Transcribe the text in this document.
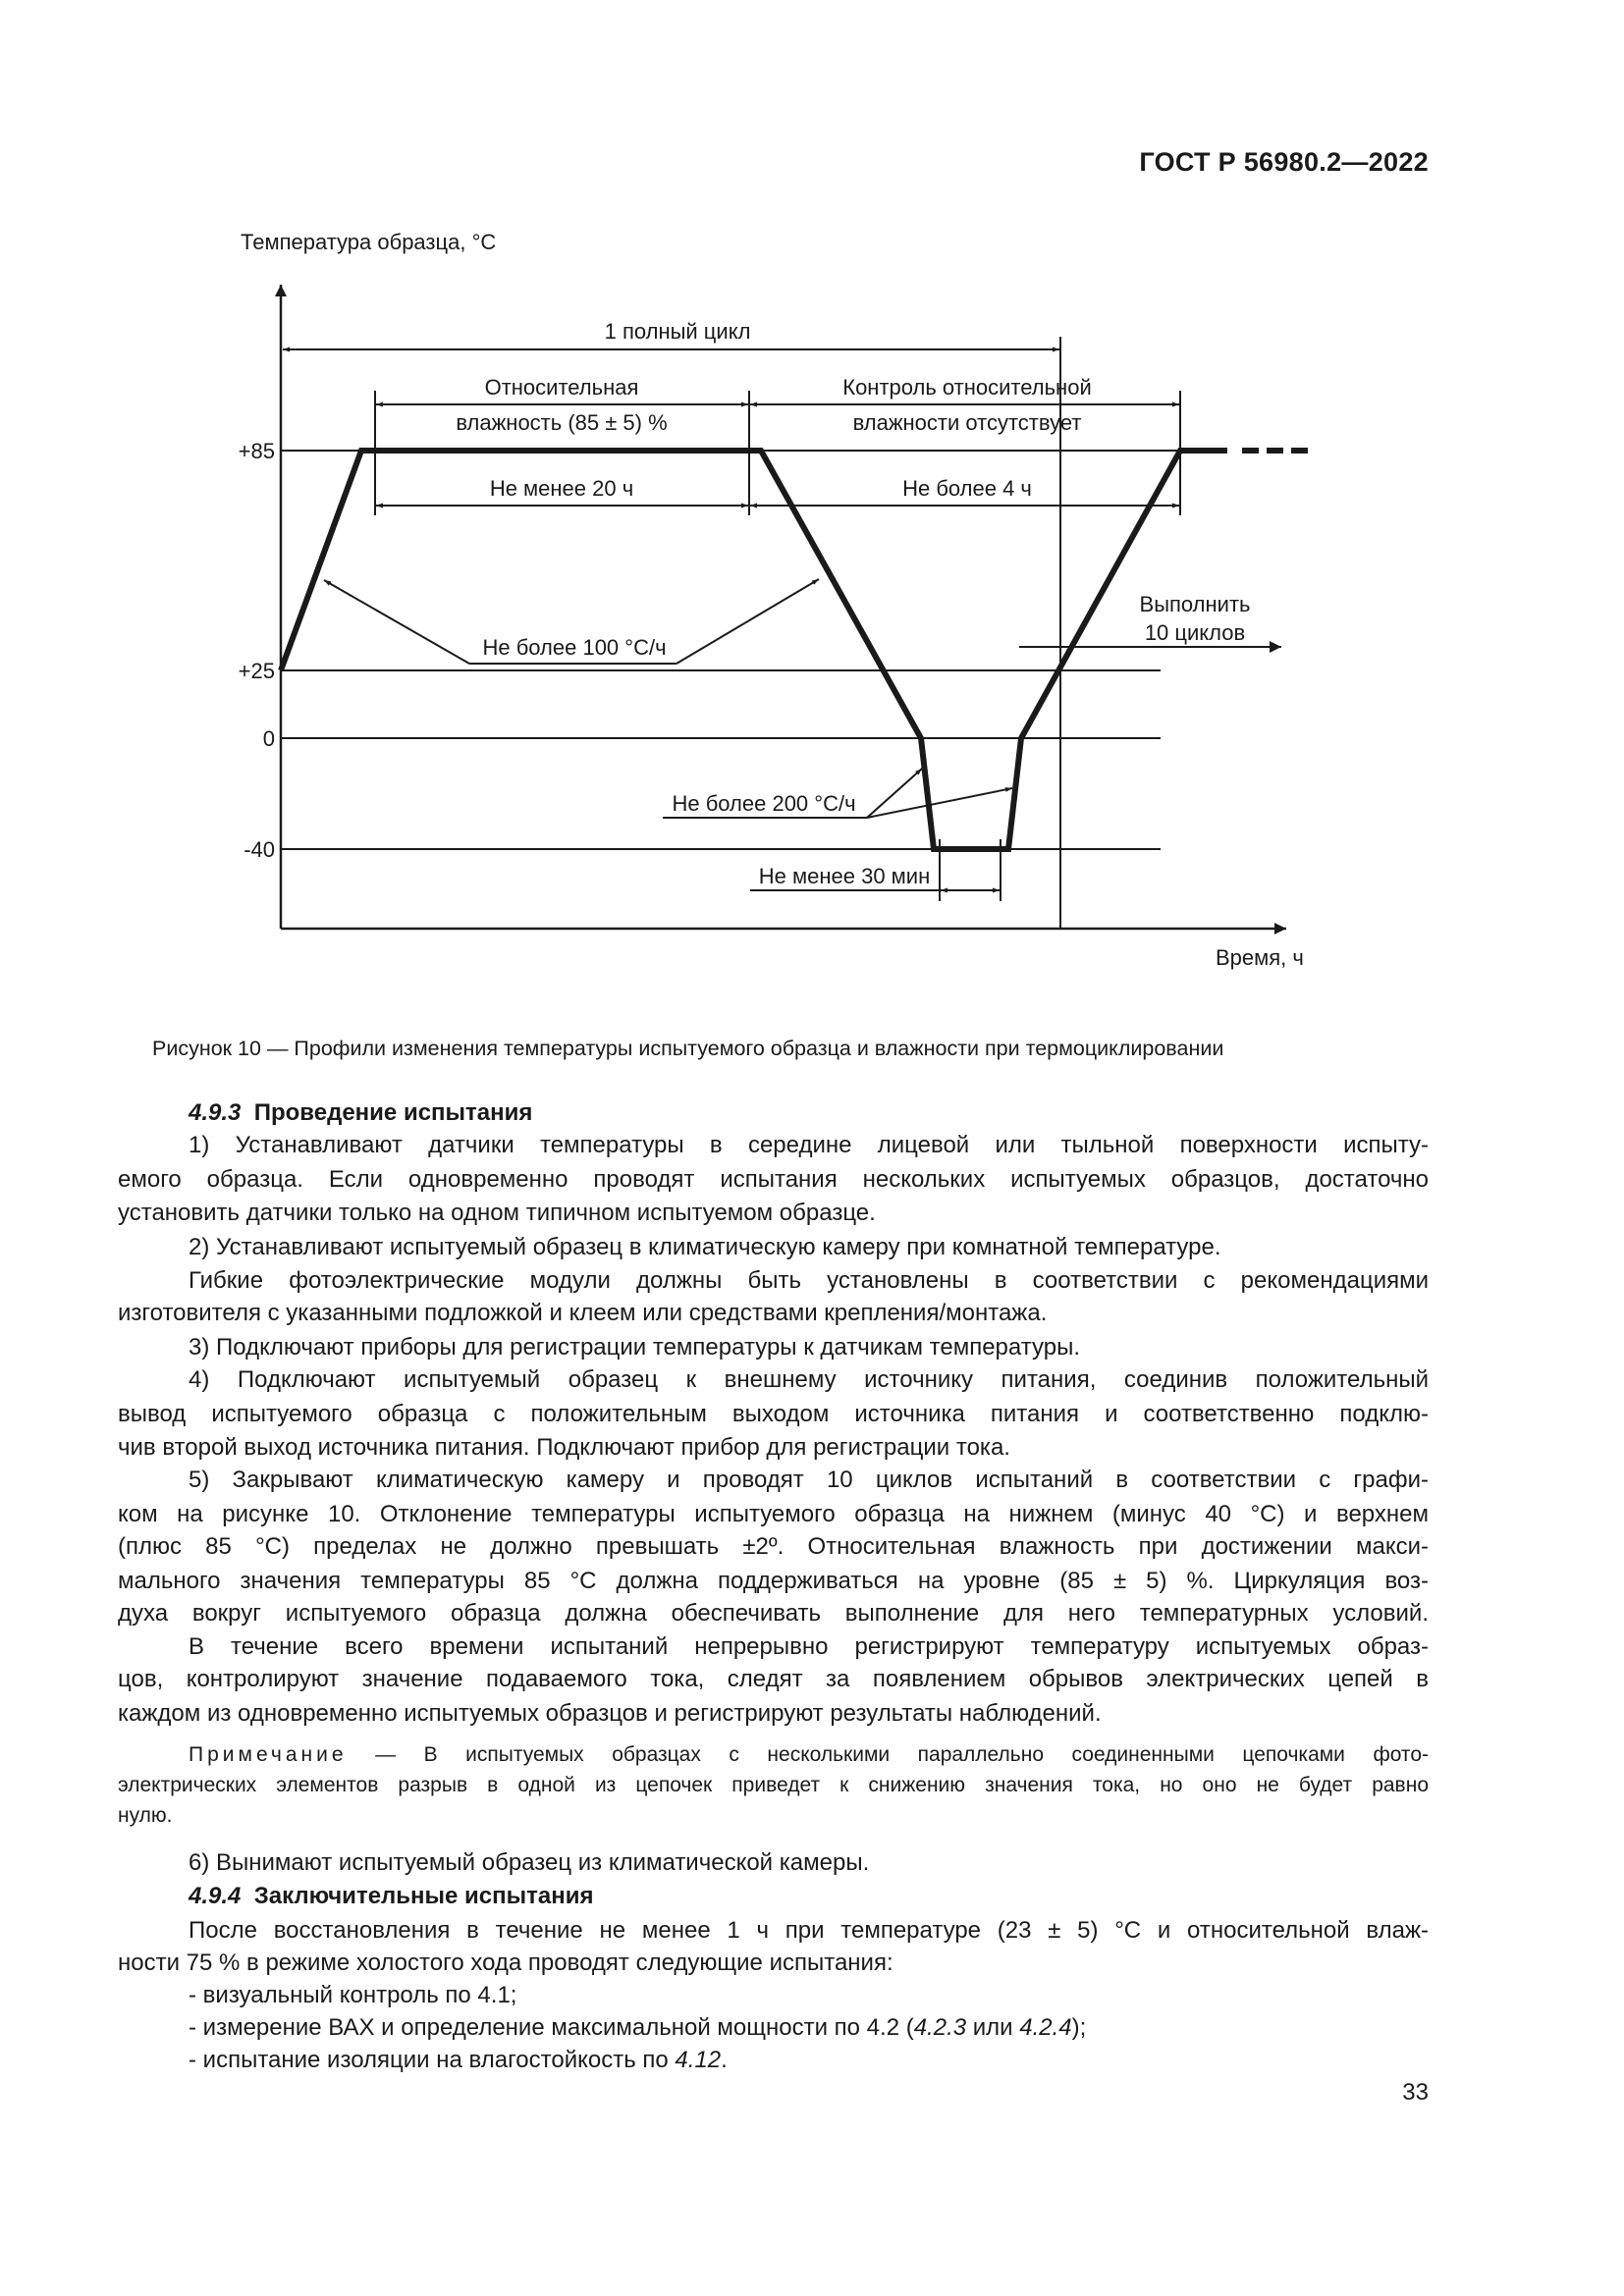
ГОСТ Р 56980.2—2022
Температура образца, °С
Время, ч
+85
+25
0
-40
1 полный цикл
Относительная
влажность (85 ± 5) %
Контроль относительной
влажности отсутствует
Не менее 20 ч	Не более 4 ч
Не более 100 °С/ч
Выполнить
10 циклов
Не более 200 °С/ч
Не менее 30 мин
Рисунок 10 — Профили изменения температуры испытуемого образца и влажности при термоциклировании
4.9.3 Проведение испытания
1) Устанавливают датчики температуры в середине лицевой или тыльной поверхности испыту-
емого образца. Если одновременно проводят испытания нескольких испытуемых образцов, достаточно
установить датчики только на одном типичном испытуемом образце.
2) Устанавливают испытуемый образец в климатическую камеру при комнатной температуре.
Гибкие фотоэлектрические модули должны быть установлены в соответствии с рекомендациями
изготовителя с указанными подложкой и клеем или средствами крепления/монтажа.
3) Подключают приборы для регистрации температуры к датчикам температуры.
4) Подключают испытуемый образец к внешнему источнику питания, соединив положительный
вывод испытуемого образца с положительным выходом источника питания и соответственно подклю-
чив второй выход источника питания. Подключают прибор для регистрации тока.
5) Закрывают климатическую камеру и проводят 10 циклов испытаний в соответствии с графи-
ком на рисунке 10. Отклонение температуры испытуемого образца на нижнем (минус 40 °С) и верхнем
(плюс 85 °С) пределах не должно превышать ±2º. Относительная влажность при достижении макси-
мального значения температуры 85 °С должна поддерживаться на уровне (85 ± 5) %. Циркуляция воз-
духа вокруг испытуемого образца должна обеспечивать выполнение для него температурных условий.
В течение всего времени испытаний непрерывно регистрируют температуру испытуемых образ-
цов, контролируют значение подаваемого тока, следят за появлением обрывов электрических цепей в
каждом из одновременно испытуемых образцов и регистрируют результаты наблюдений.
Примечание — В испытуемых образцах с несколькими параллельно соединенными цепочками фото-
электрических элементов разрыв в одной из цепочек приведет к снижению значения тока, но оно не будет равно
нулю.
6) Вынимают испытуемый образец из климатической камеры.
4.9.4 Заключительные испытания
После восстановления в течение не менее 1 ч при температуре (23 ± 5) °С и относительной влаж-
ности 75 % в режиме холостого хода проводят следующие испытания:
- визуальный контроль по 4.1;
- измерение ВАХ и определение максимальной мощности по 4.2 (4.2.3 или 4.2.4);
- испытание изоляции на влагостойкость по 4.12.
33
